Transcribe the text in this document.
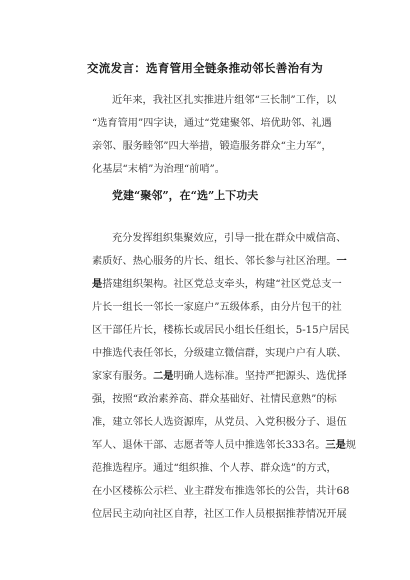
交流发言：选育管用全链条推动邻长善治有为
近年来，我社区扎实推进片组邻“三长制”工作，以
“选育管用”四字诀，通过“党建聚邻、培优助邻、礼遇
亲邻、服务睦邻”四大举措，锻造服务群众“主力军”，
化基层“末梢”为治理“前哨”。
党建“聚邻”，在“选”上下功夫
充分发挥组织集聚效应，引导一批在群众中威信高、
素质好、热心服务的片长、组长、邻长参与社区治理。一
是搭建组织架构。社区党总支牵头，构建“社区党总支一
片长一组长一邻长一家庭户”五级体系，由分片包干的社
区干部任片长，楼栋长或居民小组长任组长，5-15户居民
中推选代表任邻长，分级建立微信群，实现户户有人联、
家家有服务。二是明确人选标准。坚持严把源头、选优择
强，按照“政治素养高、群众基础好、社情民意熟”的标
准，建立邻长人选资源库，从党员、入党积极分子、退伍
军人、退休干部、志愿者等人员中推选邻长333名。三是规
范推选程序。通过“组织推、个人荐、群众选”的方式，
在小区楼栋公示栏、业主群发布推选邻长的公告，共计68
位居民主动向社区自荐，社区工作人员根据推荐情况开展
